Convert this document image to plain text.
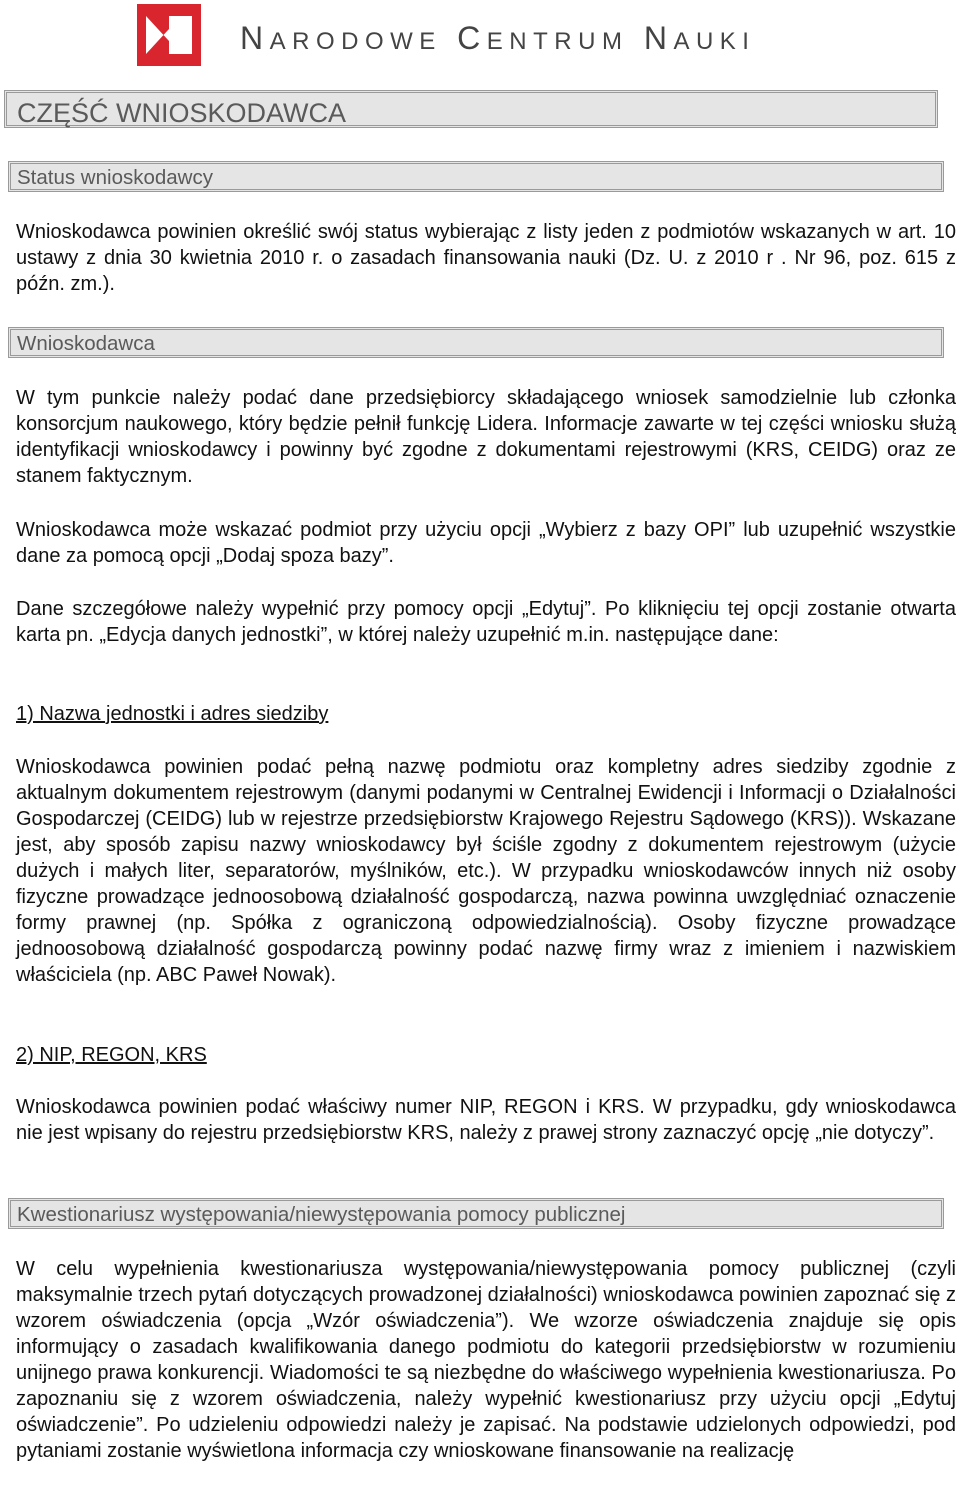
NARODOWE CENTRUM NAUKI
CZĘŚĆ WNIOSKODAWCA
Status wnioskodawcy

Wnioskodawca powinien określić swój status wybierając z listy jeden z podmiotów wskazanych w art. 10 ustawy z dnia 30 kwietnia 2010 r. o zasadach finansowania nauki (Dz. U. z 2010 r . Nr 96, poz. 615 z późn. zm.).

Wnioskodawca

W tym punkcie należy podać dane przedsiębiorcy składającego wniosek samodzielnie lub członka konsorcjum naukowego, który będzie pełnił funkcję Lidera. Informacje zawarte w tej części wniosku służą identyfikacji wnioskodawcy i powinny być zgodne z dokumentami rejestrowymi (KRS, CEIDG) oraz ze stanem faktycznym.

Wnioskodawca może wskazać podmiot przy użyciu opcji „Wybierz z bazy OPI” lub uzupełnić wszystkie dane za pomocą opcji „Dodaj spoza bazy”.

Dane szczegółowe należy wypełnić przy pomocy opcji „Edytuj”. Po kliknięciu tej opcji zostanie otwarta karta pn. „Edycja danych jednostki”, w której należy uzupełnić m.in. następujące dane:

1) Nazwa jednostki i adres siedziby

Wnioskodawca powinien podać pełną nazwę podmiotu oraz kompletny adres siedziby zgodnie z aktualnym dokumentem rejestrowym (danymi podanymi w Centralnej Ewidencji i Informacji o Działalności Gospodarczej (CEIDG) lub w rejestrze przedsiębiorstw Krajowego Rejestru Sądowego (KRS)). Wskazane jest, aby sposób zapisu nazwy wnioskodawcy był ściśle zgodny z dokumentem rejestrowym (użycie dużych i małych liter, separatorów, myślników, etc.). W przypadku wnioskodawców innych niż osoby fizyczne prowadzące jednoosobową działalność gospodarczą, nazwa powinna uwzględniać oznaczenie formy prawnej (np. Spółka z ograniczoną odpowiedzialnością). Osoby fizyczne prowadzące jednoosobową działalność gospodarczą powinny podać nazwę firmy wraz z imieniem i nazwiskiem właściciela (np. ABC Paweł Nowak).

2) NIP, REGON, KRS

Wnioskodawca powinien podać właściwy numer NIP, REGON i KRS. W przypadku, gdy wnioskodawca nie jest wpisany do rejestru przedsiębiorstw KRS, należy z prawej strony zaznaczyć opcję „nie dotyczy”.

Kwestionariusz występowania/niewystępowania pomocy publicznej

W celu wypełnienia kwestionariusza występowania/niewystępowania pomocy publicznej (czyli maksymalnie trzech pytań dotyczących prowadzonej działalności) wnioskodawca powinien zapoznać się z wzorem oświadczenia (opcja „Wzór oświadczenia”). We wzorze oświadczenia znajduje się opis informujący o zasadach kwalifikowania danego podmiotu do kategorii przedsiębiorstw w rozumieniu unijnego prawa konkurencji. Wiadomości te są niezbędne do właściwego wypełnienia kwestionariusza. Po zapoznaniu się z wzorem oświadczenia, należy wypełnić kwestionariusz przy użyciu opcji „Edytuj oświadczenie”. Po udzieleniu odpowiedzi należy je zapisać. Na podstawie udzielonych odpowiedzi, pod pytaniami zostanie wyświetlona informacja czy wnioskowane finansowanie na realizację
